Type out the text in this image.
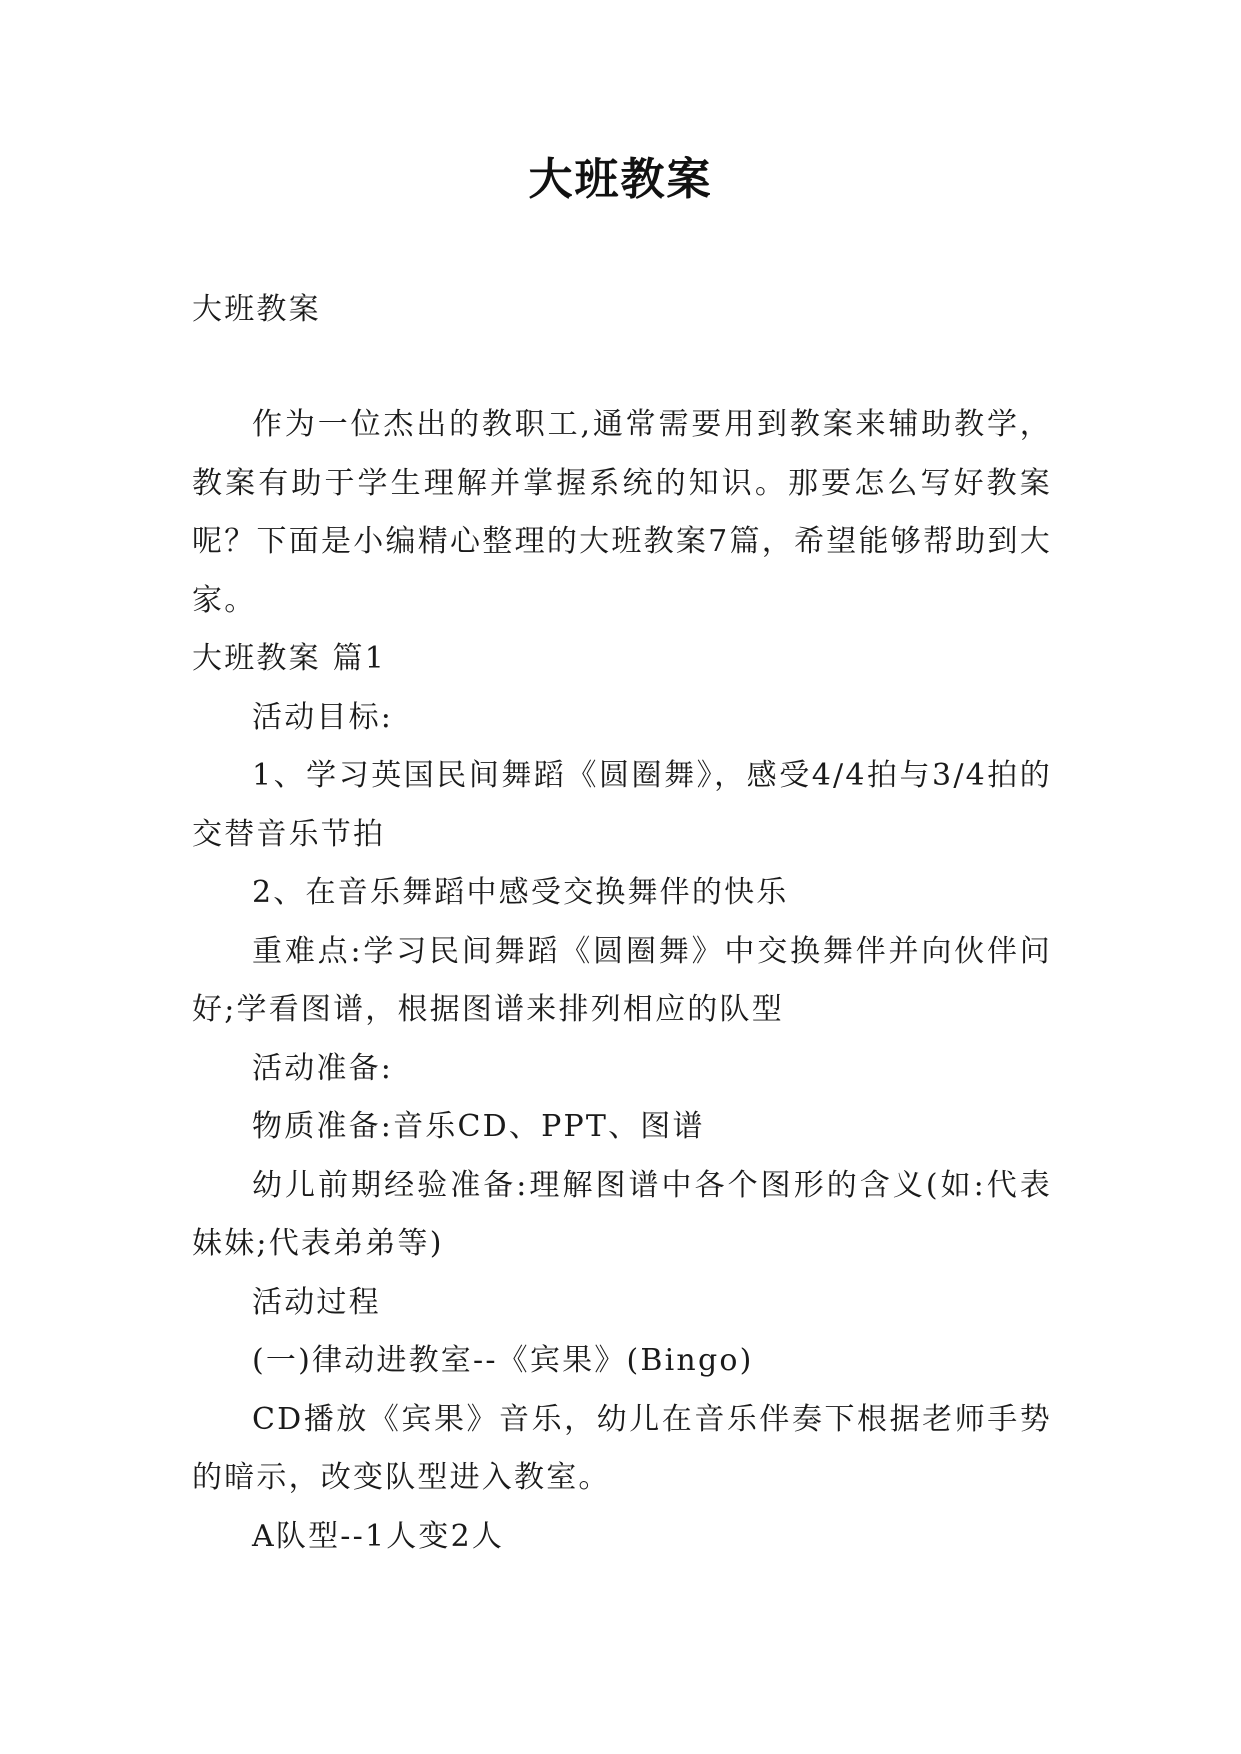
大班教案

大班教案

作为一位杰出的教职工,通常需要用到教案来辅助教学，教案有助于学生理解并掌握系统的知识。那要怎么写好教案呢？下面是小编精心整理的大班教案7篇，希望能够帮助到大家。

大班教案 篇1

活动目标:

1、学习英国民间舞蹈《圆圈舞》，感受4/4拍与3/4拍的交替音乐节拍

2、在音乐舞蹈中感受交换舞伴的快乐

重难点:学习民间舞蹈《圆圈舞》中交换舞伴并向伙伴问好;学看图谱，根据图谱来排列相应的队型

活动准备:

物质准备:音乐CD、PPT、图谱

幼儿前期经验准备:理解图谱中各个图形的含义(如:代表妹妹;代表弟弟等)

活动过程

(一)律动进教室--《宾果》(Bingo)

CD播放《宾果》音乐，幼儿在音乐伴奏下根据老师手势的暗示，改变队型进入教室。

A队型--1人变2人
